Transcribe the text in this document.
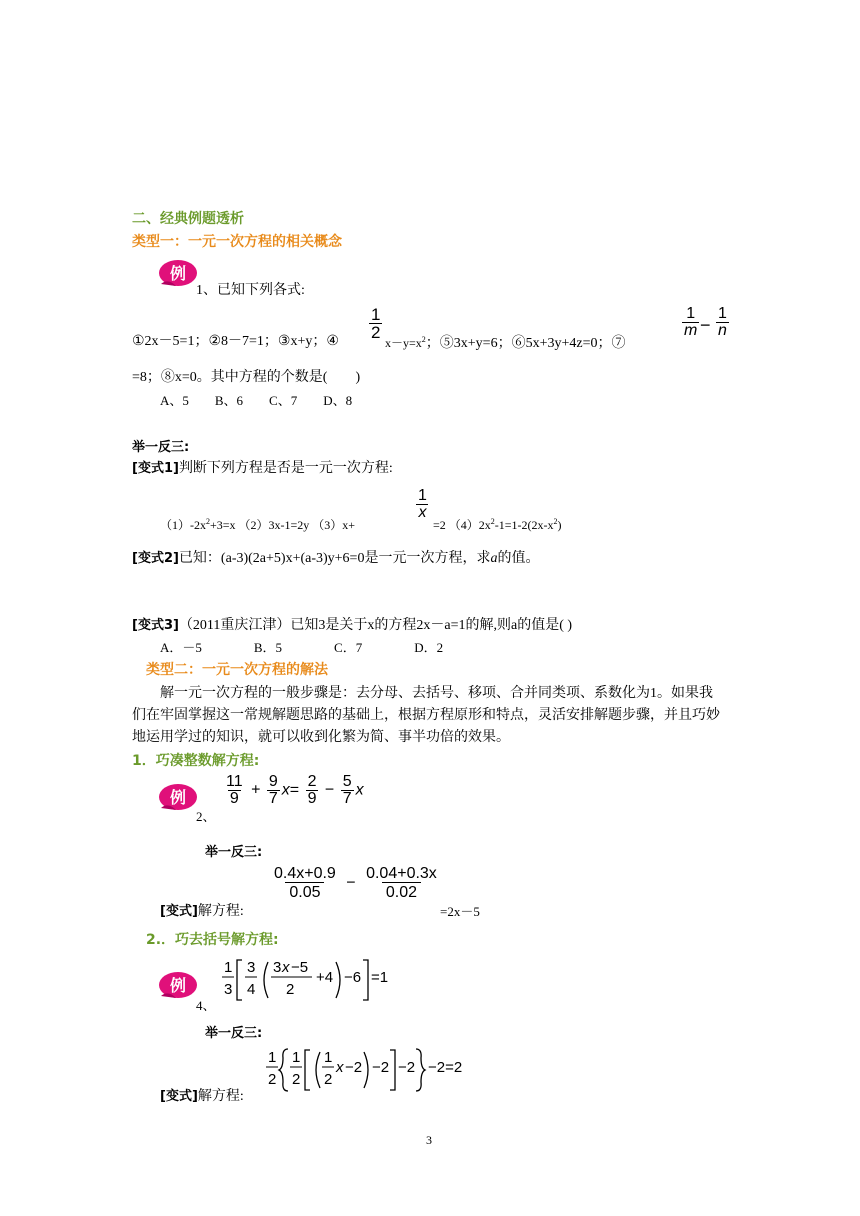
二、经典例题透析
类型一：一元一次方程的相关概念
例
1、已知下列各式:
①2x－5=1；②8－7=1；③x+y；④
$\frac{1}{2}$
$x-y=x^2$；⑤3x+y=6；⑥5x+3y+4z=0；⑦
$\frac{1}{m} - \frac{1}{n}$
=8；⑧x=0。其中方程的个数是(　　)
A、5　　B、6　　C、7　　D、8
举一反三:
[变式1]判断下列方程是否是一元一次方程:
$(1)-2x^2+3=x$ （2）3x-1=2y （3）x+
$\frac{1}{x}$
=2 $(4)2x^2-1=1-2(2x-x^2)$
[变式2]已知：(a-3)(2a+5)x+(a-3)y+6=0是一元一次方程，求a的值。
[变式3]（2011重庆江津）已知3是关于x的方程2x－a=1的解,则a的值是( )
A．－5　　　　B．5　　　　C．7　　　　D．2
类型二：一元一次方程的解法
解一元一次方程的一般步骤是：去分母、去括号、移项、合并同类项、系数化为1。如果我们在牢固掌握这一常规解题思路的基础上，根据方程原形和特点，灵活安排解题步骤，并且巧妙地运用学过的知识，就可以收到化繁为简、事半功倍的效果。
1．巧凑整数解方程:
例
2、
$\frac{11}{9} + \frac{9}{7} x= \frac{2}{9} - \frac{5}{7}$ x
举一反三:
[变式]解方程:
$\frac{0.4x+0.9}{0.05} - \frac{0.04+0.3x}{0.02}$
=2x－5
2.．巧去括号解方程:
例
4、
1
3
3
4
3 x −5
2
+4 −6 =1
举一反三:
[变式]解方程:
1
2
1
2
1
2
x −2 −2 −2 −2=2
3
